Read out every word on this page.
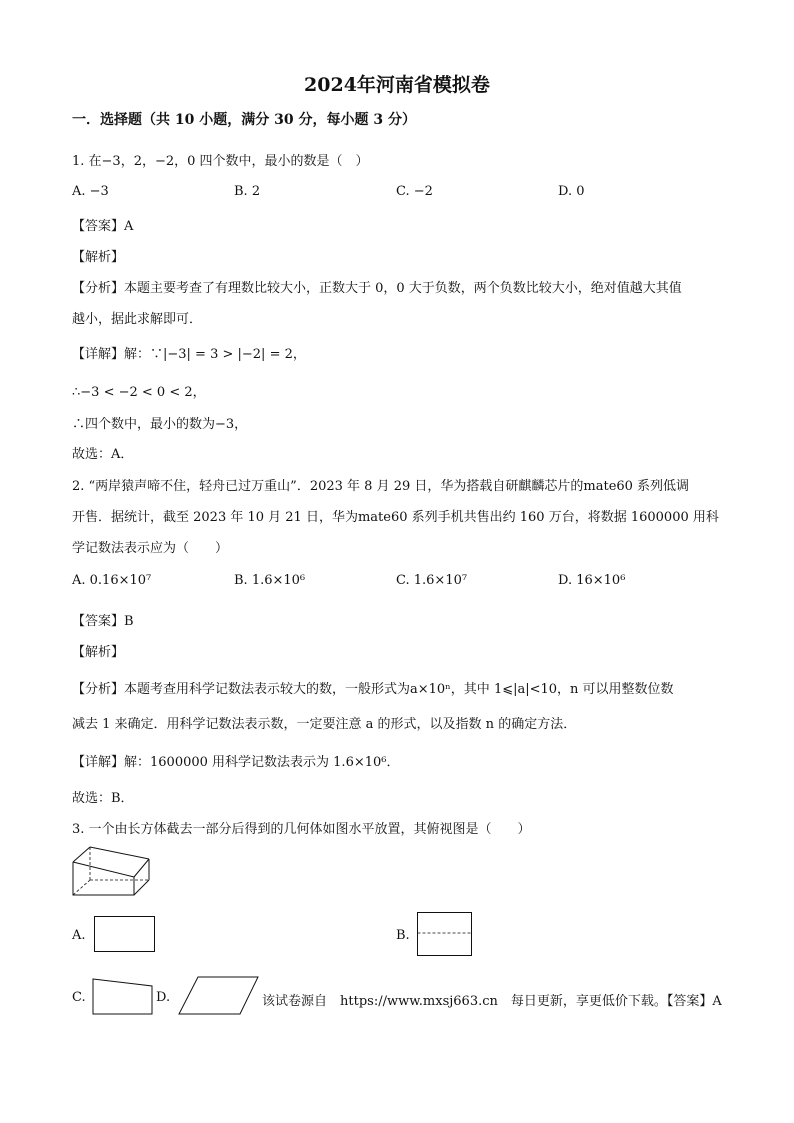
2024年河南省模拟卷
一．选择题（共 10 小题，满分 30 分，每小题 3 分）
1. 在−3，2，−2，0 四个数中，最小的数是（　）
A. −3	B. 2	C. −2	D. 0
【答案】A
【解析】
【分析】本题主要考查了有理数比较大小，正数大于 0，0 大于负数，两个负数比较大小，绝对值越大其值
越小，据此求解即可．
【详解】解：∵|−3| = 3 > |−2| = 2，
∴−3 < −2 < 0 < 2，
∴四个数中，最小的数为−3，
故选：A．
2. “两岸猿声啼不住，轻舟已过万重山”．2023 年 8 月 29 日，华为搭载自研麒麟芯片的mate60 系列低调
开售．据统计，截至 2023 年 10 月 21 日，华为mate60 系列手机共售出约 160 万台，将数据 1600000 用科
学记数法表示应为（　　）
A. 0.16×10⁷	B. 1.6×10⁶	C. 1.6×10⁷	D. 16×10⁶
【答案】B
【解析】
【分析】本题考查用科学记数法表示较大的数，一般形式为a×10ⁿ，其中 1⩽|a|<10，n 可以用整数位数
减去 1 来确定．用科学记数法表示数，一定要注意 a 的形式，以及指数 n 的确定方法．
【详解】解：1600000 用科学记数法表示为 1.6×10⁶．
故选：B．
3. 一个由长方体截去一部分后得到的几何体如图水平放置，其俯视图是（　　）
A.	B.
C.	D.	该试卷源自　https://www.mxsj663.cn　每日更新，享更低价下载。【答案】A
